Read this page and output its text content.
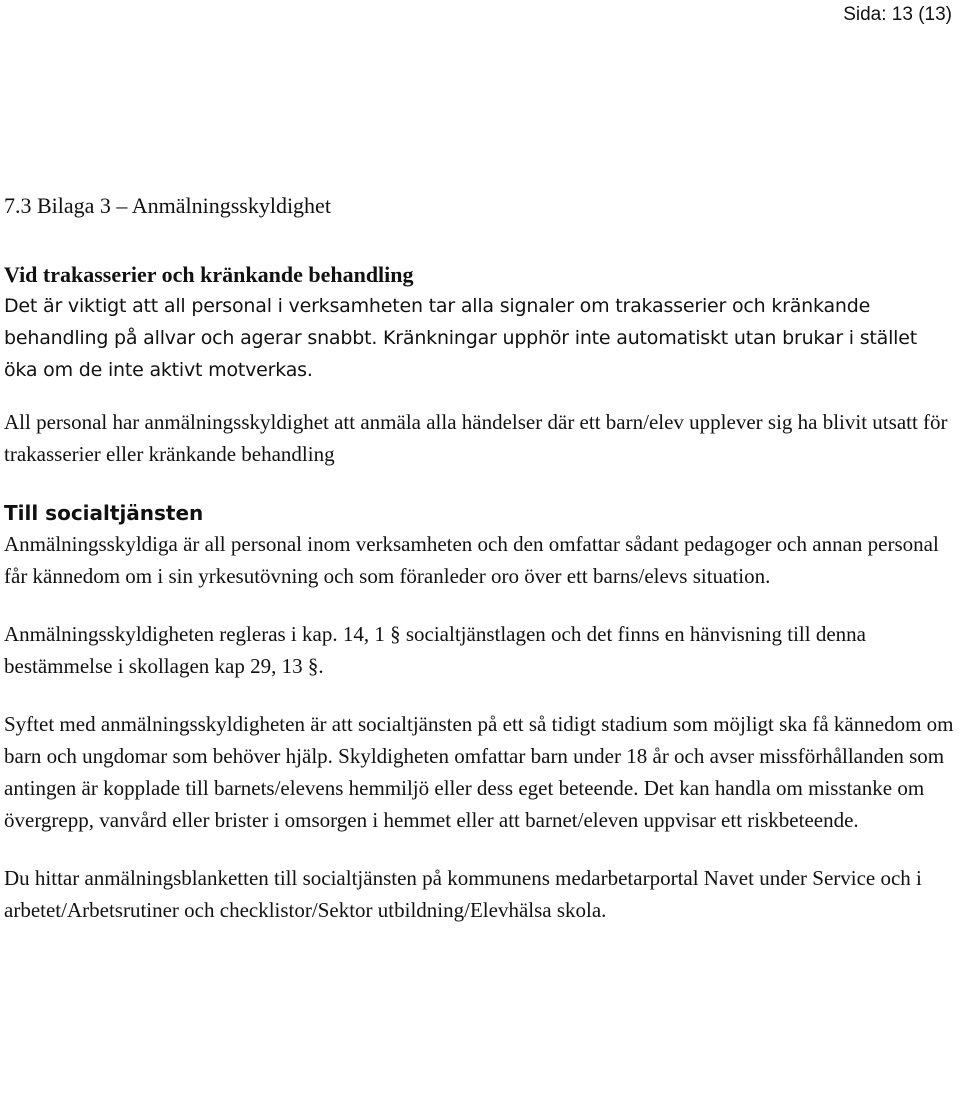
Sida: 13 (13)
7.3 Bilaga 3 – Anmälningsskyldighet
Vid trakasserier och kränkande behandling

Det är viktigt att all personal i verksamheten tar alla signaler om trakasserier och kränkande behandling på allvar och agerar snabbt. Kränkningar upphör inte automatiskt utan brukar i stället öka om de inte aktivt motverkas.

All personal har anmälningsskyldighet att anmäla alla händelser där ett barn/elev upplever sig ha blivit utsatt för trakasserier eller kränkande behandling

Till socialtjänsten

Anmälningsskyldiga är all personal inom verksamheten och den omfattar sådant pedagoger och annan personal får kännedom om i sin yrkesutövning och som föranleder oro över ett barns/elevs situation.

Anmälningsskyldigheten regleras i kap. 14, 1 § socialtjänstlagen och det finns en hänvisning till denna bestämmelse i skollagen kap 29, 13 §.

Syftet med anmälningsskyldigheten är att socialtjänsten på ett så tidigt stadium som möjligt ska få kännedom om barn och ungdomar som behöver hjälp. Skyldigheten omfattar barn under 18 år och avser missförhållanden som antingen är kopplade till barnets/elevens hemmiljö eller dess eget beteende. Det kan handla om misstanke om övergrepp, vanvård eller brister i omsorgen i hemmet eller att barnet/eleven uppvisar ett riskbeteende.

Du hittar anmälningsblanketten till socialtjänsten på kommunens medarbetarportal Navet under Service och i arbetet/Arbetsrutiner och checklistor/Sektor utbildning/Elevhälsa skola.
